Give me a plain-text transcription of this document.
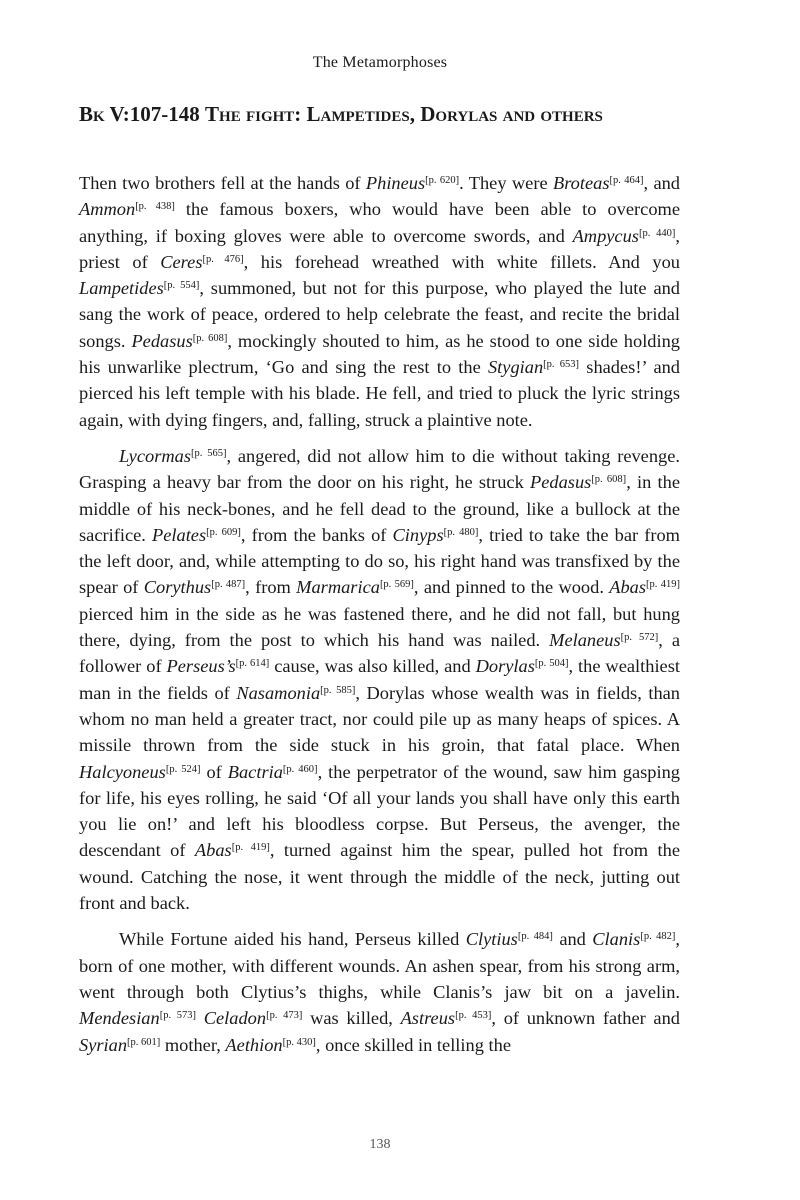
The Metamorphoses
Bk V:107-148 The fight: Lampetides, Dorylas and others

Then two brothers fell at the hands of Phineus[p. 620]. They were Broteas[p. 464], and Ammon[p. 438] the famous boxers, who would have been able to overcome anything, if boxing gloves were able to overcome swords, and Ampycus[p. 440], priest of Ceres[p. 476], his forehead wreathed with white fillets. And you Lampetides[p. 554], summoned, but not for this purpose, who played the lute and sang the work of peace, ordered to help celebrate the feast, and recite the bridal songs. Pedasus[p. 608], mockingly shouted to him, as he stood to one side holding his unwarlike plectrum, ‘Go and sing the rest to the Stygian[p. 653] shades!’ and pierced his left temple with his blade. He fell, and tried to pluck the lyric strings again, with dying fingers, and, falling, struck a plaintive note.

Lycormas[p. 565], angered, did not allow him to die without taking revenge. Grasping a heavy bar from the door on his right, he struck Pedasus[p. 608], in the middle of his neck-bones, and he fell dead to the ground, like a bullock at the sacrifice. Pelates[p. 609], from the banks of Cinyps[p. 480], tried to take the bar from the left door, and, while attempting to do so, his right hand was transfixed by the spear of Corythus[p. 487], from Marmarica[p. 569], and pinned to the wood. Abas[p. 419] pierced him in the side as he was fastened there, and he did not fall, but hung there, dying, from the post to which his hand was nailed. Melaneus[p. 572], a follower of Perseus’s[p. 614] cause, was also killed, and Dorylas[p. 504], the wealthiest man in the fields of Nasamonia[p. 585], Dorylas whose wealth was in fields, than whom no man held a greater tract, nor could pile up as many heaps of spices. A missile thrown from the side stuck in his groin, that fatal place. When Halcyoneus[p. 524] of Bactria[p. 460], the perpetrator of the wound, saw him gasping for life, his eyes rolling, he said ‘Of all your lands you shall have only this earth you lie on!’ and left his bloodless corpse. But Perseus, the avenger, the descendant of Abas[p. 419], turned against him the spear, pulled hot from the wound. Catching the nose, it went through the middle of the neck, jutting out front and back.

While Fortune aided his hand, Perseus killed Clytius[p. 484] and Clanis[p. 482], born of one mother, with different wounds. An ashen spear, from his strong arm, went through both Clytius’s thighs, while Clanis’s jaw bit on a javelin. Mendesian[p. 573] Celadon[p. 473] was killed, Astreus[p. 453], of unknown father and Syrian[p. 601] mother, Aethion[p. 430], once skilled in telling the

138
